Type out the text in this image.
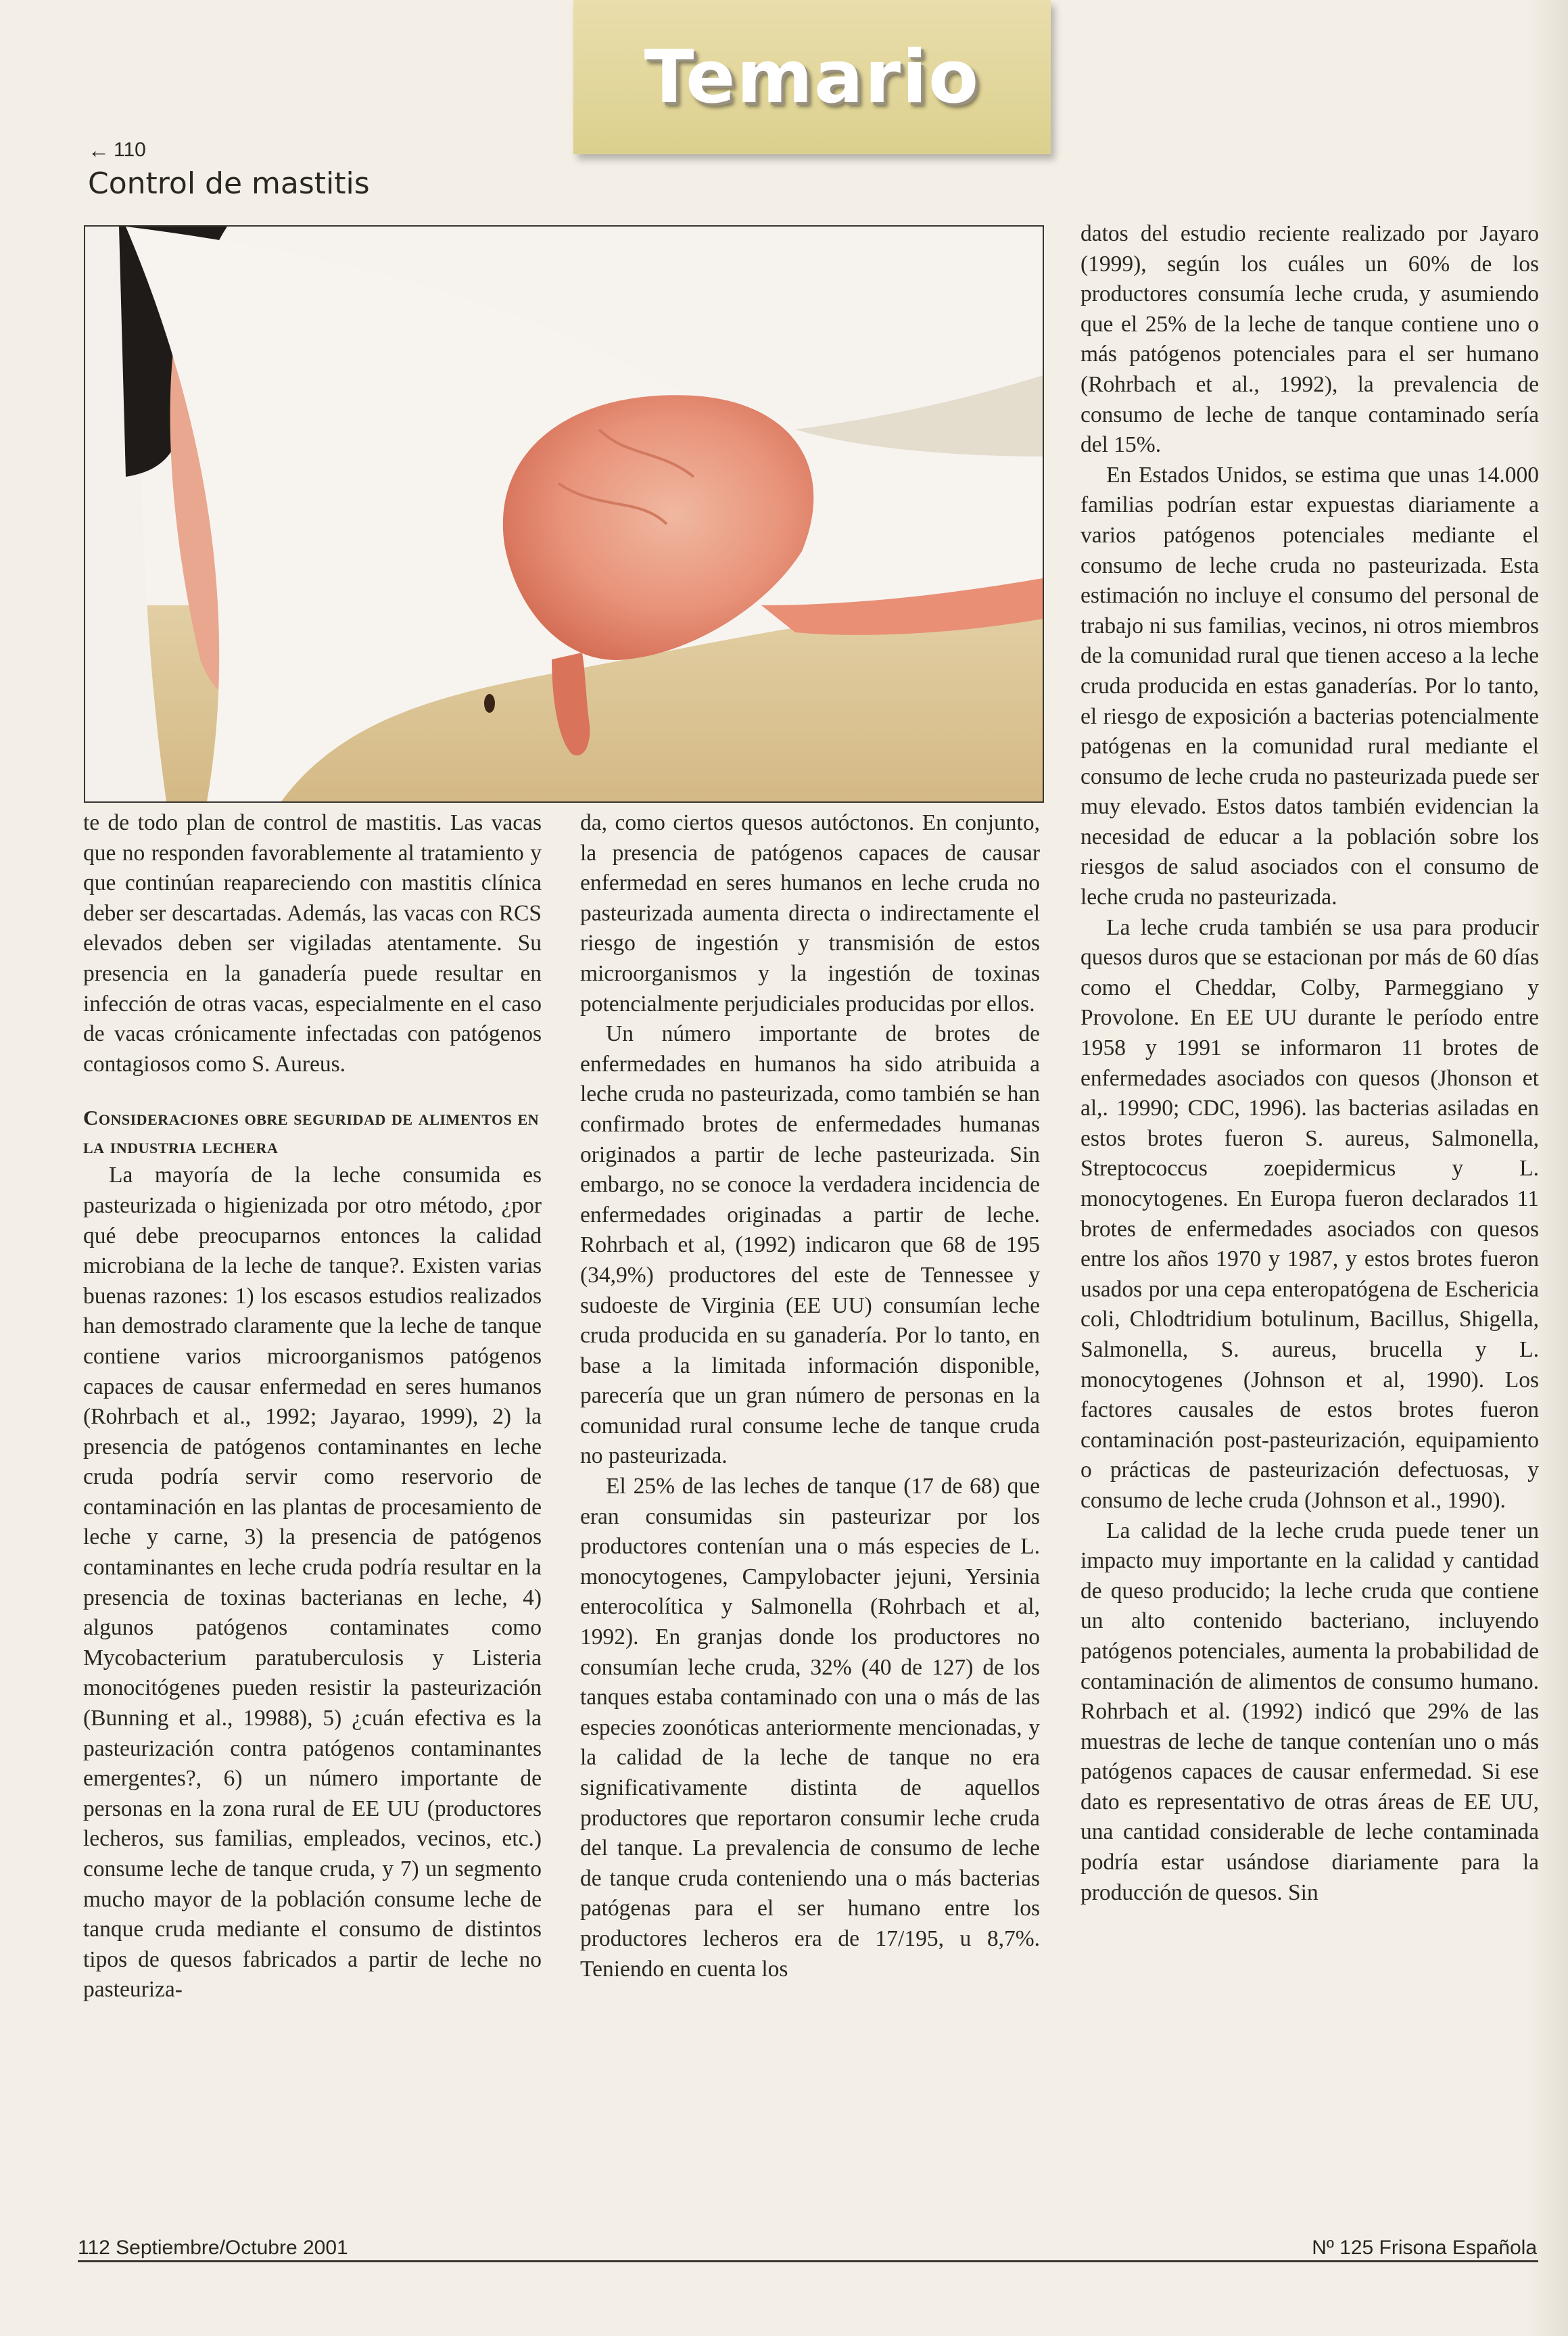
Temario
← 110
Control de mastitis

te de todo plan de control de mastitis. Las vacas que no responden favorablemente al tratamiento y que continúan reapareciendo con mastitis clínica deber ser descartadas. Además, las vacas con RCS elevados deben ser vigiladas atentamente. Su presencia en la ganadería puede resultar en infección de otras vacas, especialmente en el caso de vacas crónicamente infectadas con patógenos contagiosos como S. Aureus.

Consideraciones obre seguridad de alimentos en la industria lechera

La mayoría de la leche consumida es pasteurizada o higienizada por otro método, ¿por qué debe preocuparnos entonces la calidad microbiana de la leche de tanque?. Existen varias buenas razones: 1) los escasos estudios realizados han demostrado claramente que la leche de tanque contiene varios microorganismos patógenos capaces de causar enfermedad en seres humanos (Rohrbach et al., 1992; Jayarao, 1999), 2) la presencia de patógenos contaminantes en leche cruda podría servir como reservorio de contaminación en las plantas de procesamiento de leche y carne, 3) la presencia de patógenos contaminantes en leche cruda podría resultar en la presencia de toxinas bacterianas en leche, 4) algunos patógenos contaminates como Mycobacterium paratuberculosis y Listeria monocitógenes pueden resistir la pasteurización (Bunning et al., 19988), 5) ¿cuán efectiva es la pasteurización contra patógenos contaminantes emergentes?, 6) un número importante de personas en la zona rural de EE UU (productores lecheros, sus familias, empleados, vecinos, etc.) consume leche de tanque cruda, y 7) un segmento mucho mayor de la población consume leche de tanque cruda mediante el consumo de distintos tipos de quesos fabricados a partir de leche no pasteuriza-

da, como ciertos quesos autóctonos. En conjunto, la presencia de patógenos capaces de causar enfermedad en seres humanos en leche cruda no pasteurizada aumenta directa o indirectamente el riesgo de ingestión y transmisión de estos microorganismos y la ingestión de toxinas potencialmente perjudiciales producidas por ellos.

Un número importante de brotes de enfermedades en humanos ha sido atribuida a leche cruda no pasteurizada, como también se han confirmado brotes de enfermedades humanas originados a partir de leche pasteurizada. Sin embargo, no se conoce la verdadera incidencia de enfermedades originadas a partir de leche. Rohrbach et al, (1992) indicaron que 68 de 195 (34,9%) productores del este de Tennessee y sudoeste de Virginia (EE UU) consumían leche cruda producida en su ganadería. Por lo tanto, en base a la limitada información disponible, parecería que un gran número de personas en la comunidad rural consume leche de tanque cruda no pasteurizada.

El 25% de las leches de tanque (17 de 68) que eran consumidas sin pasteurizar por los productores contenían una o más especies de L. monocytogenes, Campylobacter jejuni, Yersinia enterocolítica y Salmonella (Rohrbach et al, 1992). En granjas donde los productores no consumían leche cruda, 32% (40 de 127) de los tanques estaba contaminado con una o más de las especies zoonóticas anteriormente mencionadas, y la calidad de la leche de tanque no era significativamente distinta de aquellos productores que reportaron consumir leche cruda del tanque. La prevalencia de consumo de leche de tanque cruda conteniendo una o más bacterias patógenas para el ser humano entre los productores lecheros era de 17/195, u 8,7%. Teniendo en cuenta los

datos del estudio reciente realizado por Jayaro (1999), según los cuáles un 60% de los productores consumía leche cruda, y asumiendo que el 25% de la leche de tanque contiene uno o más patógenos potenciales para el ser humano (Rohrbach et al., 1992), la prevalencia de consumo de leche de tanque contaminado sería del 15%.

En Estados Unidos, se estima que unas 14.000 familias podrían estar expuestas diariamente a varios patógenos potenciales mediante el consumo de leche cruda no pasteurizada. Esta estimación no incluye el consumo del personal de trabajo ni sus familias, vecinos, ni otros miembros de la comunidad rural que tienen acceso a la leche cruda producida en estas ganaderías. Por lo tanto, el riesgo de exposición a bacterias potencialmente patógenas en la comunidad rural mediante el consumo de leche cruda no pasteurizada puede ser muy elevado. Estos datos también evidencian la necesidad de educar a la población sobre los riesgos de salud asociados con el consumo de leche cruda no pasteurizada.

La leche cruda también se usa para producir quesos duros que se estacionan por más de 60 días como el Cheddar, Colby, Parmeggiano y Provolone. En EE UU durante le período entre 1958 y 1991 se informaron 11 brotes de enfermedades asociados con quesos (Jhonson et al,. 19990; CDC, 1996). las bacterias asiladas en estos brotes fueron S. aureus, Salmonella, Streptococcus zoepidermicus y L. monocytogenes. En Europa fueron declarados 11 brotes de enfermedades asociados con quesos entre los años 1970 y 1987, y estos brotes fueron usados por una cepa enteropatógena de Eschericia coli, Chlodtridium botulinum, Bacillus, Shigella, Salmonella, S. aureus, brucella y L. monocytogenes (Johnson et al, 1990). Los factores causales de estos brotes fueron contaminación post-pasteurización, equipamiento o prácticas de pasteurización defectuosas, y consumo de leche cruda (Johnson et al., 1990).

La calidad de la leche cruda puede tener un impacto muy importante en la calidad y cantidad de queso producido; la leche cruda que contiene un alto contenido bacteriano, incluyendo patógenos potenciales, aumenta la probabilidad de contaminación de alimentos de consumo humano. Rohrbach et al. (1992) indicó que 29% de las muestras de leche de tanque contenían uno o más patógenos capaces de causar enfermedad. Si ese dato es representativo de otras áreas de EE UU, una cantidad considerable de leche contaminada podría estar usándose diariamente para la producción de quesos. Sin

112 Septiembre/Octubre 2001	Nº 125 Frisona Española
